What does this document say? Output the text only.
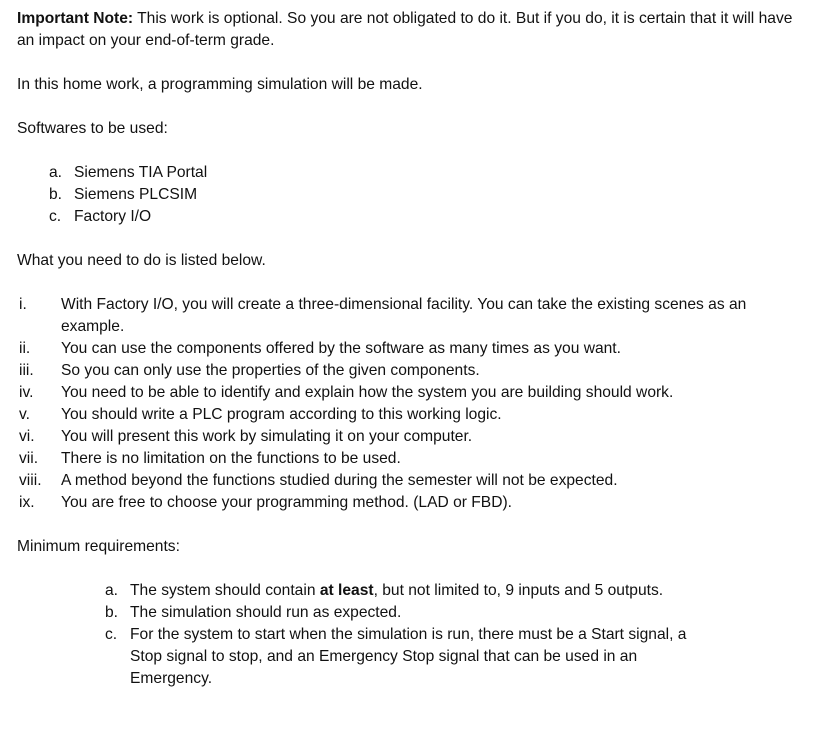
Important Note: This work is optional. So you are not obligated to do it. But if you do, it is certain that it will have an impact on your end-of-term grade.

In this home work, a programming simulation will be made.

Softwares to be used:

a. Siemens TIA Portal
b. Siemens PLCSIM
c. Factory I/O

What you need to do is listed below.

i.	With Factory I/O, you will create a three-dimensional facility. You can take the existing scenes as an example.
ii.	You can use the components offered by the software as many times as you want.
iii.	So you can only use the properties of the given components.
iv.	You need to be able to identify and explain how the system you are building should work.
v.	You should write a PLC program according to this working logic.
vi.	You will present this work by simulating it on your computer.
vii.	There is no limitation on the functions to be used.
viii.	A method beyond the functions studied during the semester will not be expected.
ix.	You are free to choose your programming method. (LAD or FBD).

Minimum requirements:

a. The system should contain at least, but not limited to, 9 inputs and 5 outputs.
b. The simulation should run as expected.
c. For the system to start when the simulation is run, there must be a Start signal, a Stop signal to stop, and an Emergency Stop signal that can be used in an Emergency.
